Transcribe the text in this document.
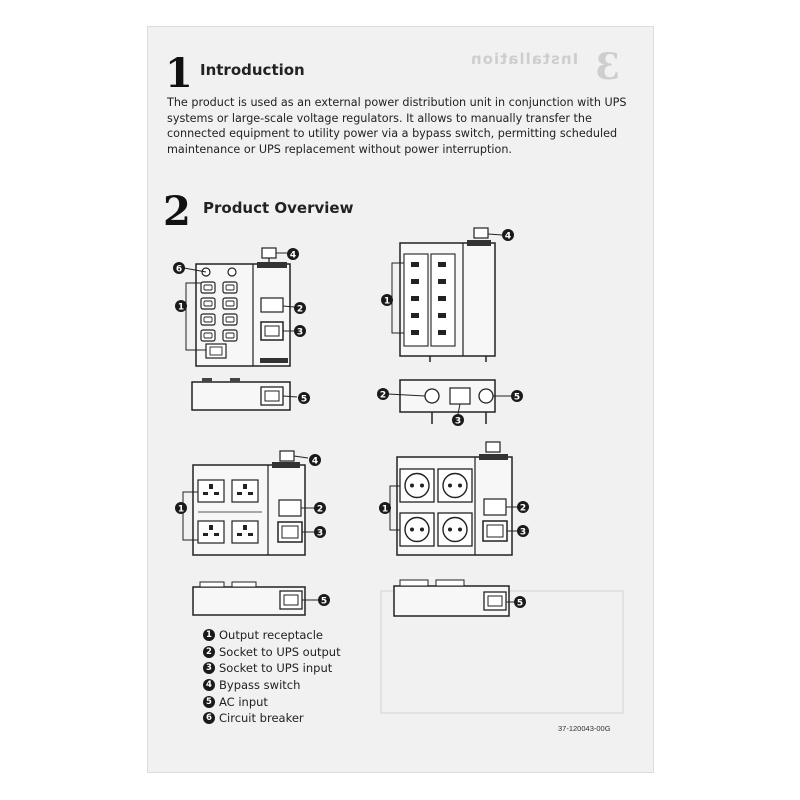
1 Introduction
The product is used as an external power distribution unit in conjunction with UPS
systems or large-scale voltage regulators. It allows to manually transfer the
connected equipment to utility power via a bypass switch, permitting scheduled
maintenance or UPS replacement without power interruption.
2 Product Overview
1	2
3
4
5
6
1
4
2
3
5
1
4
2
3
5
1	2
3
5
1 Output receptacle
2 Socket to UPS output
3 Socket to UPS input
4 Bypass switch
5 AC input
6 Circuit breaker
37-120043-00G
